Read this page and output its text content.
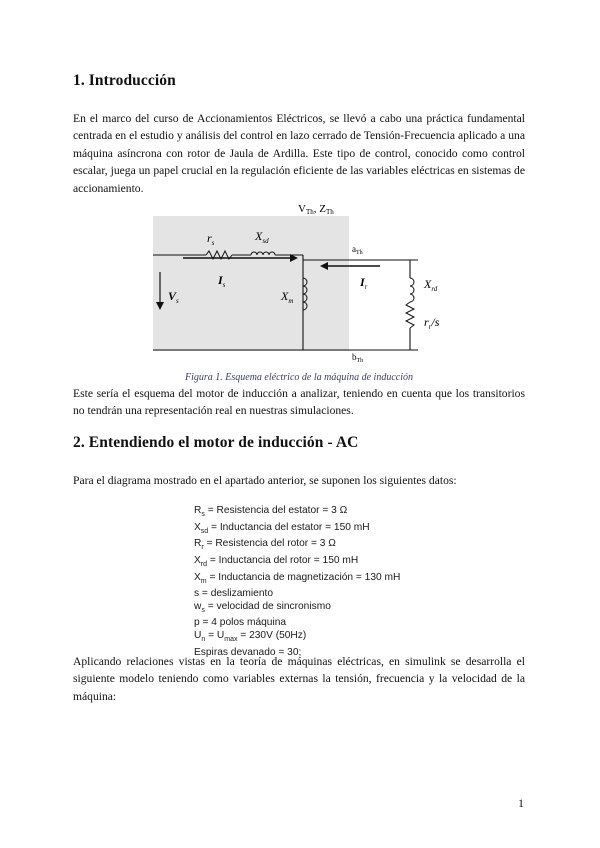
1. Introducción

En el marco del curso de Accionamientos Eléctricos, se llevó a cabo una práctica fundamental centrada en el estudio y análisis del control en lazo cerrado de Tensión-Frecuencia aplicado a una máquina asíncrona con rotor de Jaula de Ardilla. Este tipo de control, conocido como control escalar, juega un papel crucial en la regulación eficiente de las variables eléctricas en sistemas de accionamiento.

VTh, ZTh
$r_s$	$X_{sd}$
$I_s$
$V_s$	$X_m$
$I_r$	$X_{rd}$
$r_r/s$
$a_{Th}$
$b_{Th}$

Figura 1. Esquema eléctrico de la máquina de inducción

Este sería el esquema del motor de inducción a analizar, teniendo en cuenta que los transitorios no tendrán una representación real en nuestras simulaciones.

2. Entendiendo el motor de inducción - AC

Para el diagrama mostrado en el apartado anterior, se suponen los siguientes datos:

$R_s$ = Resistencia del estator = 3 Ω
$X_{sd}$ = Inductancia del estator = 150 mH
$R_r$ = Resistencia del rotor = 3 Ω
$X_{rd}$ = Inductancia del rotor = 150 mH
$X_m$ = Inductancia de magnetización = 130 mH
s = deslizamiento
$w_s$ = velocidad de sincronismo
p = 4 polos máquina
$U_n = U_{max} = 230V$ (50Hz)
Espiras devanado = 30;

Aplicando relaciones vistas en la teoría de máquinas eléctricas, en simulink se desarrolla el siguiente modelo teniendo como variables externas la tensión, frecuencia y la velocidad de la máquina:

1
